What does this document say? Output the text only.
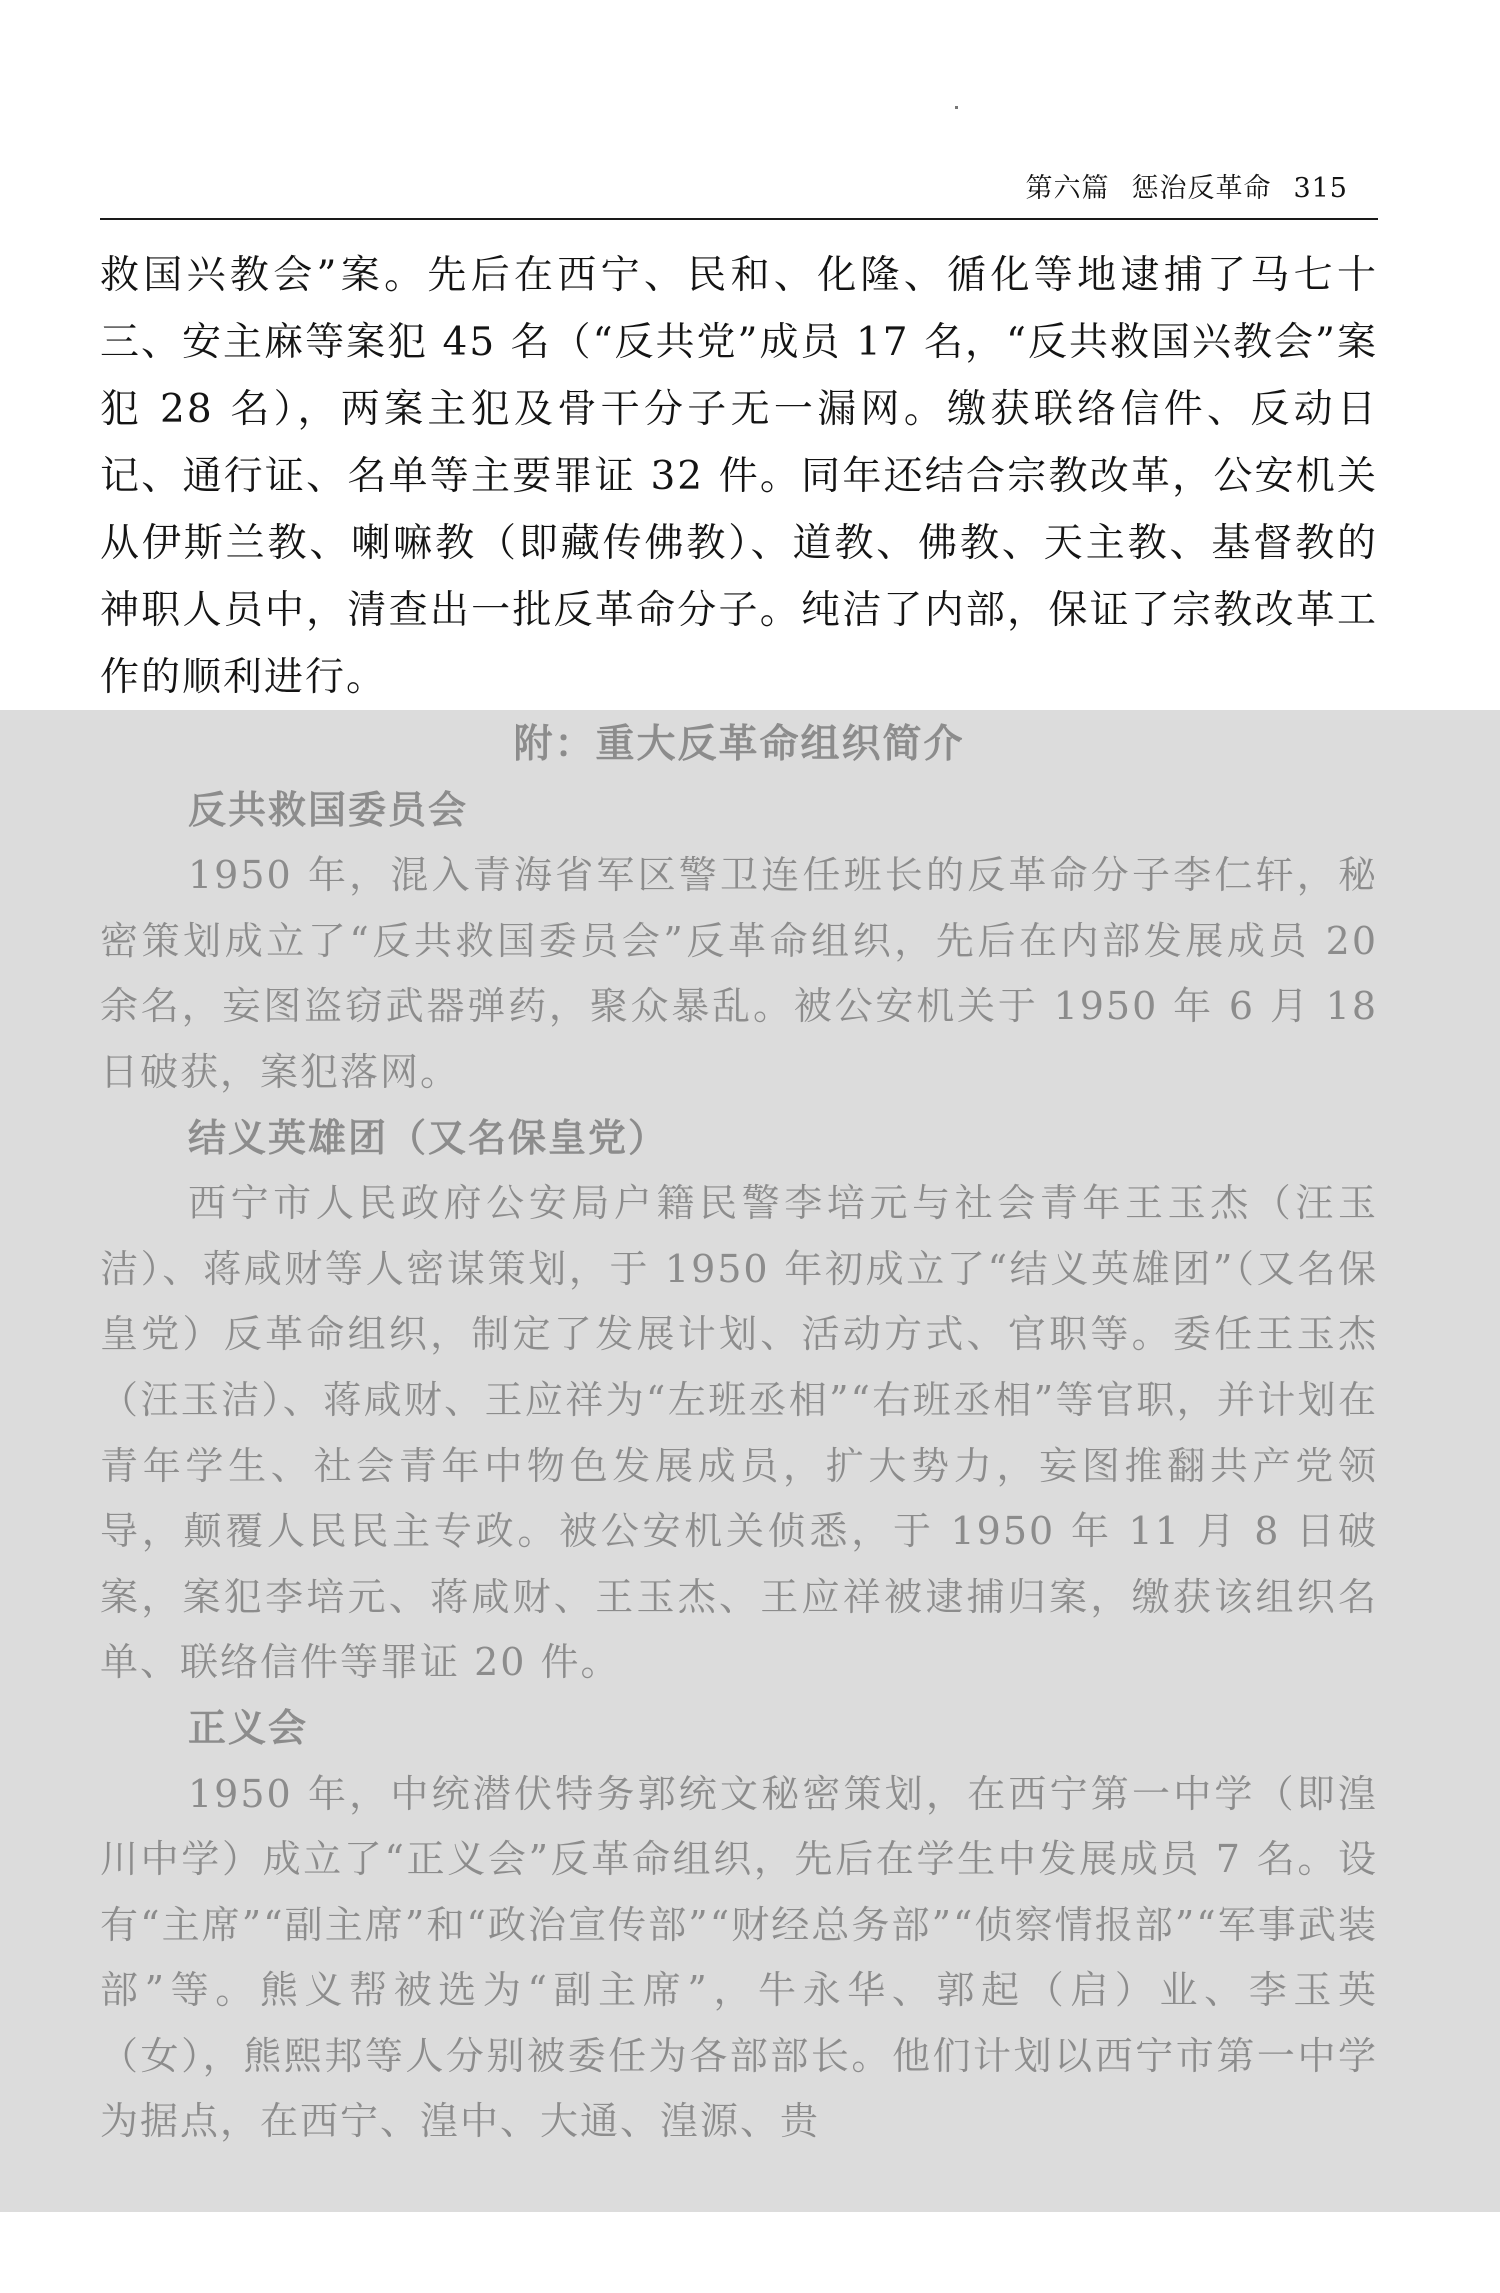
第六篇 惩治反革命 315

救国兴教会”案。先后在西宁、民和、化隆、循化等地逮捕了马七十三、安主麻等案犯 45 名（“反共党”成员 17 名，“反共救国兴教会”案犯 28 名），两案主犯及骨干分子无一漏网。缴获联络信件、反动日记、通行证、名单等主要罪证 32 件。同年还结合宗教改革，公安机关从伊斯兰教、喇嘛教（即藏传佛教）、道教、佛教、天主教、基督教的神职人员中，清查出一批反革命分子。纯洁了内部，保证了宗教改革工作的顺利进行。

附：重大反革命组织简介
反共救国委员会

1950 年，混入青海省军区警卫连任班长的反革命分子李仁轩，秘密策划成立了“反共救国委员会”反革命组织，先后在内部发展成员 20 余名，妄图盗窃武器弹药，聚众暴乱。被公安机关于 1950 年 6 月 18 日破获，案犯落网。

结义英雄团（又名保皇党）

西宁市人民政府公安局户籍民警李培元与社会青年王玉杰（汪玉洁）、蒋咸财等人密谋策划，于 1950 年初成立了“结义英雄团”（又名保皇党）反革命组织，制定了发展计划、活动方式、官职等。委任王玉杰（汪玉洁）、蒋咸财、王应祥为“左班丞相”“右班丞相”等官职，并计划在青年学生、社会青年中物色发展成员，扩大势力，妄图推翻共产党领导，颠覆人民民主专政。被公安机关侦悉，于 1950 年 11 月 8 日破案，案犯李培元、蒋咸财、王玉杰、王应祥被逮捕归案，缴获该组织名单、联络信件等罪证 20 件。

正义会

1950 年，中统潜伏特务郭统文秘密策划，在西宁第一中学（即湟川中学）成立了“正义会”反革命组织，先后在学生中发展成员 7 名。设有“主席”“副主席”和“政治宣传部”“财经总务部”“侦察情报部”“军事武装部”等。熊义帮被选为“副主席”，牛永华、郭起（启）业、李玉英（女），熊熙邦等人分别被委任为各部部长。他们计划以西宁市第一中学为据点，在西宁、湟中、大通、湟源、贵
